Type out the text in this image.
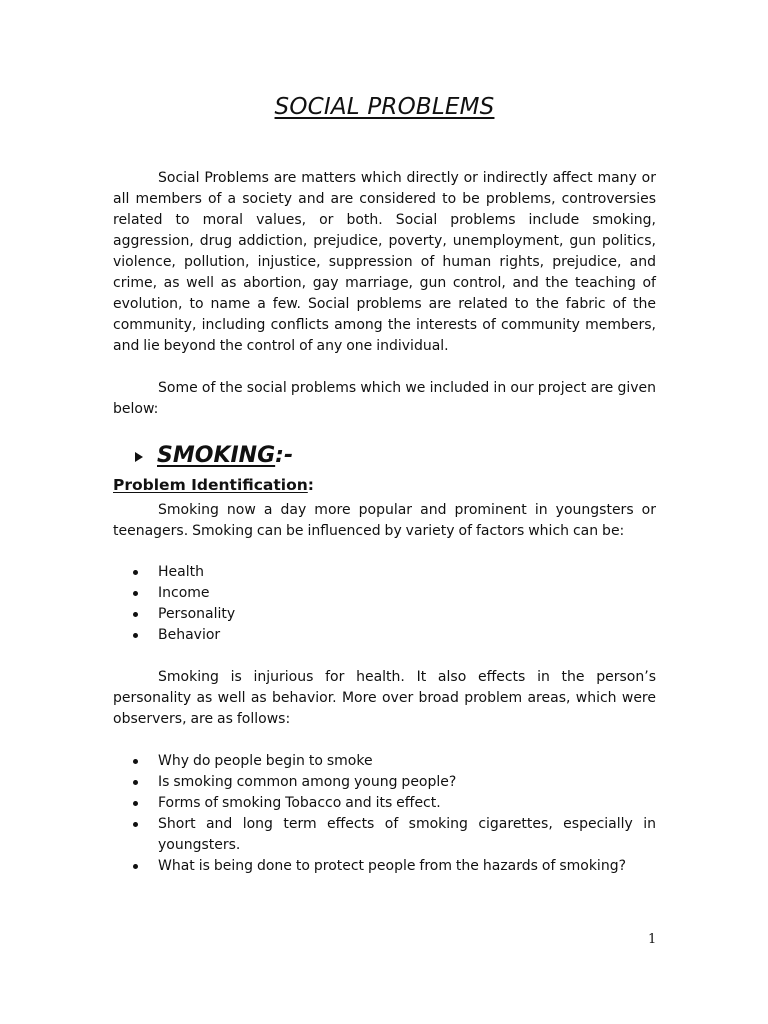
SOCIAL PROBLEMS

Social Problems are matters which directly or indirectly affect many or all members of a society and are considered to be problems, controversies related to moral values, or both. Social problems include smoking, aggression, drug addiction, prejudice, poverty, unemployment, gun politics, violence, pollution, injustice, suppression of human rights, prejudice, and crime, as well as abortion, gay marriage, gun control, and the teaching of evolution, to name a few. Social problems are related to the fabric of the community, including conflicts among the interests of community members, and lie beyond the control of any one individual.

Some of the social problems which we included in our project are given below:

SMOKING:-

Problem Identification:

Smoking now a day more popular and prominent in youngsters or teenagers. Smoking can be influenced by variety of factors which can be:

Health
Income
Personality
Behavior

Smoking is injurious for health. It also effects in the person’s personality as well as behavior. More over broad problem areas, which were observers, are as follows:

Why do people begin to smoke
Is smoking common among young people?
Forms of smoking Tobacco and its effect.
Short and long term effects of smoking cigarettes, especially in youngsters.
What is being done to protect people from the hazards of smoking?
1
